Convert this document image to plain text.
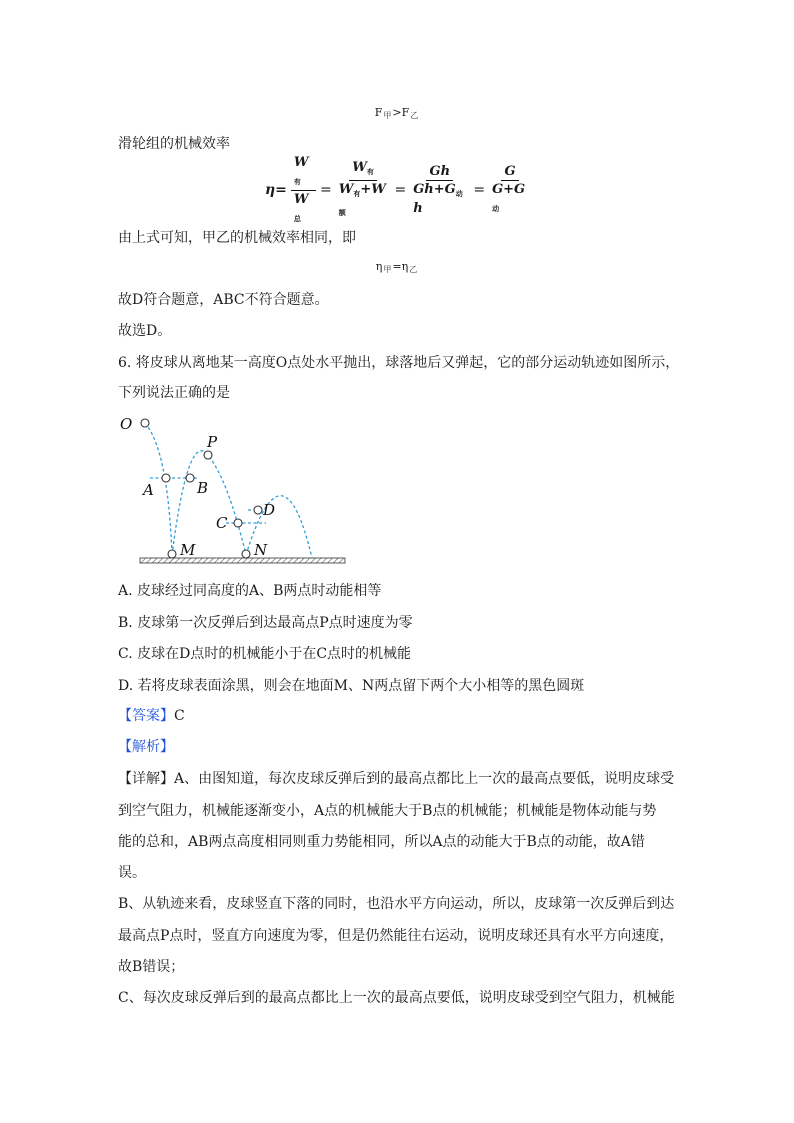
$F_甲>F_乙$
滑轮组的机械效率
$\eta= \frac{W_有}{W_总} = \frac{W_有}{W_有+W_额} = \frac{Gh}{Gh+G_动h} = \frac{G}{G+G_动}$
由上式可知，甲乙的机械效率相同，即
$\eta_甲=\eta_乙$
故D符合题意，ABC不符合题意。
故选D。
6. 将皮球从离地某一高度O点处水平抛出，球落地后又弹起，它的部分运动轨迹如图所示，
下列说法正确的是
O
P
A	B
C
D
M	N
A. 皮球经过同高度的A、B两点时动能相等
B. 皮球第一次反弹后到达最高点P点时速度为零
C. 皮球在D点时的机械能小于在C点时的机械能
D. 若将皮球表面涂黑，则会在地面M、N两点留下两个大小相等的黑色圆斑
【答案】C
【解析】
【详解】A、由图知道，每次皮球反弹后到的最高点都比上一次的最高点要低，说明皮球受
到空气阻力，机械能逐渐变小，A点的机械能大于B点的机械能；机械能是物体动能与势
能的总和，AB两点高度相同则重力势能相同，所以A点的动能大于B点的动能，故A错
误。
B、从轨迹来看，皮球竖直下落的同时，也沿水平方向运动，所以，皮球第一次反弹后到达
最高点P点时，竖直方向速度为零，但是仍然能往右运动，说明皮球还具有水平方向速度，
故B错误；
C、每次皮球反弹后到的最高点都比上一次的最高点要低，说明皮球受到空气阻力，机械能
